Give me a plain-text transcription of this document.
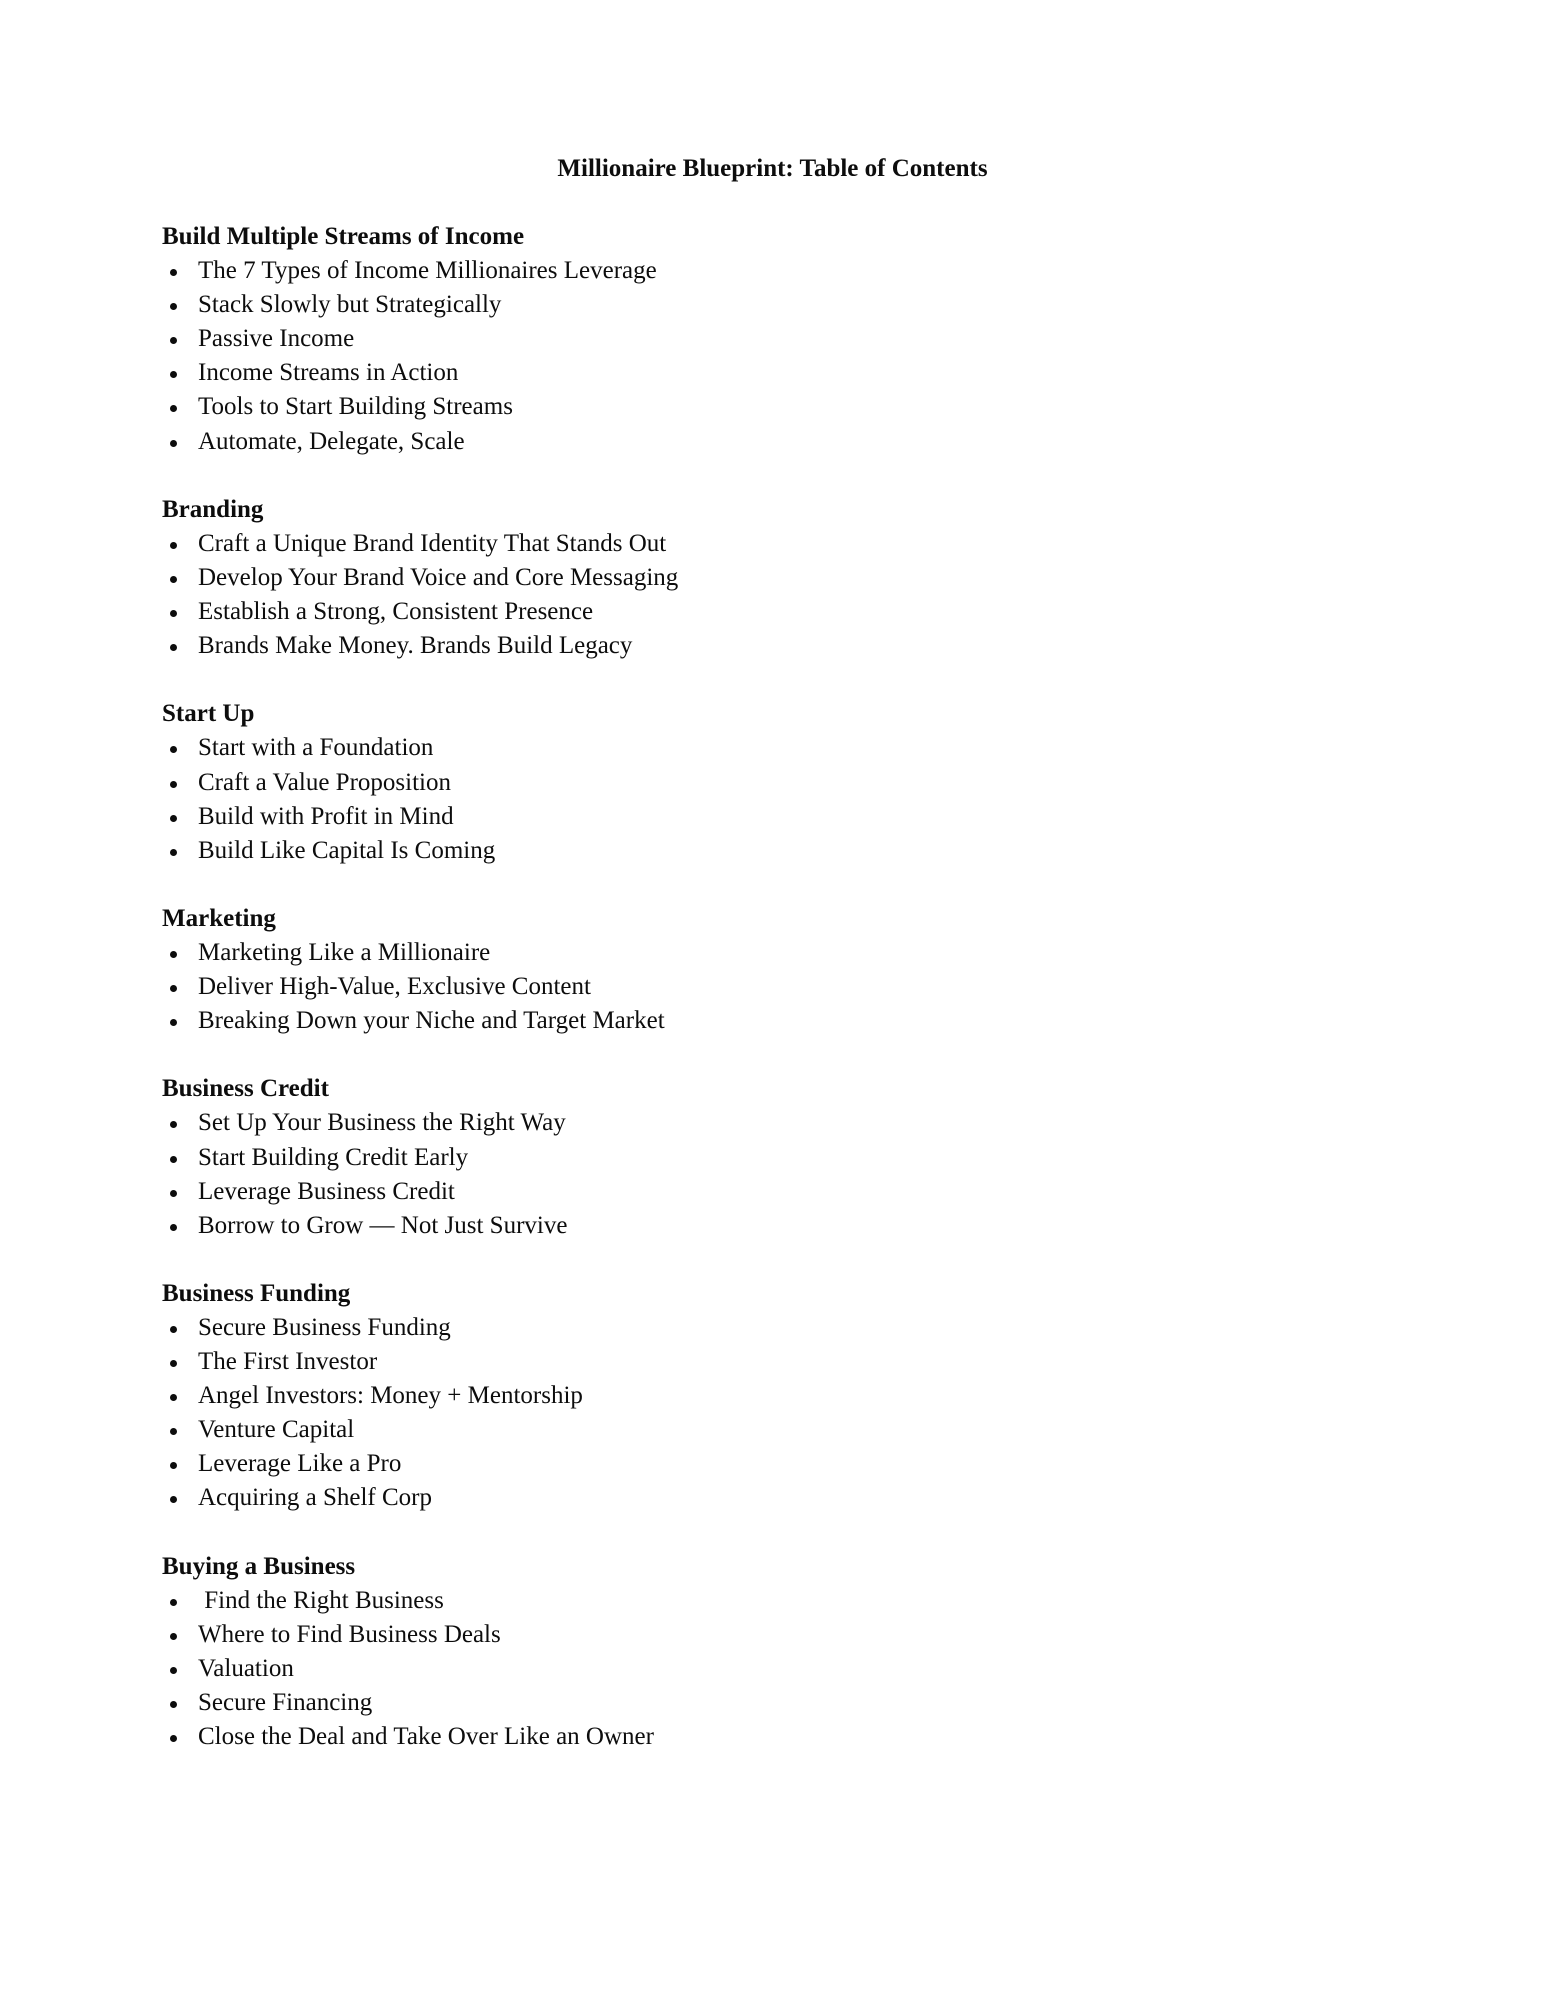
Millionaire Blueprint: Table of Contents
Build Multiple Streams of Income
The 7 Types of Income Millionaires Leverage
Stack Slowly but Strategically
Passive Income
Income Streams in Action
Tools to Start Building Streams
Automate, Delegate, Scale
Branding
Craft a Unique Brand Identity That Stands Out
Develop Your Brand Voice and Core Messaging
Establish a Strong, Consistent Presence
Brands Make Money. Brands Build Legacy
Start Up
Start with a Foundation
Craft a Value Proposition
Build with Profit in Mind
Build Like Capital Is Coming
Marketing
Marketing Like a Millionaire
Deliver High-Value, Exclusive Content
Breaking Down your Niche and Target Market
Business Credit
Set Up Your Business the Right Way
Start Building Credit Early
Leverage Business Credit
Borrow to Grow — Not Just Survive
Business Funding
Secure Business Funding
The First Investor
Angel Investors: Money + Mentorship
Venture Capital
Leverage Like a Pro
Acquiring a Shelf Corp
Buying a Business
Find the Right Business
Where to Find Business Deals
Valuation
Secure Financing
Close the Deal and Take Over Like an Owner
